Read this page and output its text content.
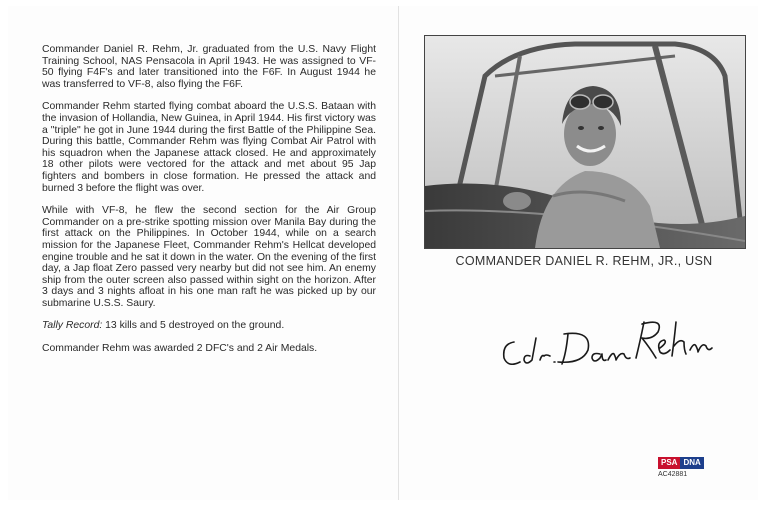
Commander Daniel R. Rehm, Jr. graduated from the U.S. Navy Flight Training School, NAS Pensacola in April 1943. He was assigned to VF-50 flying F4F's and later transitioned into the F6F. In August 1944 he was transferred to VF-8, also flying the F6F.

Commander Rehm started flying combat aboard the U.S.S. Bataan with the invasion of Hollandia, New Guinea, in April 1944. His first victory was a "triple" he got in June 1944 during the first Battle of the Philippine Sea. During this battle, Commander Rehm was flying Combat Air Patrol with his squadron when the Japanese attack closed. He and approximately 18 other pilots were vectored for the attack and met about 95 Jap fighters and bombers in close formation. He pressed the attack and burned 3 before the flight was over.

While with VF-8, he flew the second section for the Air Group Commander on a pre-strike spotting mission over Manila Bay during the first attack on the Philippines. In October 1944, while on a search mission for the Japanese Fleet, Commander Rehm's Hellcat developed engine trouble and he sat it down in the water. On the evening of the first day, a Jap float Zero passed very nearby but did not see him. An enemy ship from the outer screen also passed within sight on the horizon. After 3 days and 3 nights afloat in his one man raft he was picked up by our submarine U.S.S. Saury.

Tally Record: 13 kills and 5 destroyed on the ground.

Commander Rehm was awarded 2 DFC's and 2 Air Medals.

COMMANDER DANIEL R. REHM, JR., USN
PSA DNA
AC42881
